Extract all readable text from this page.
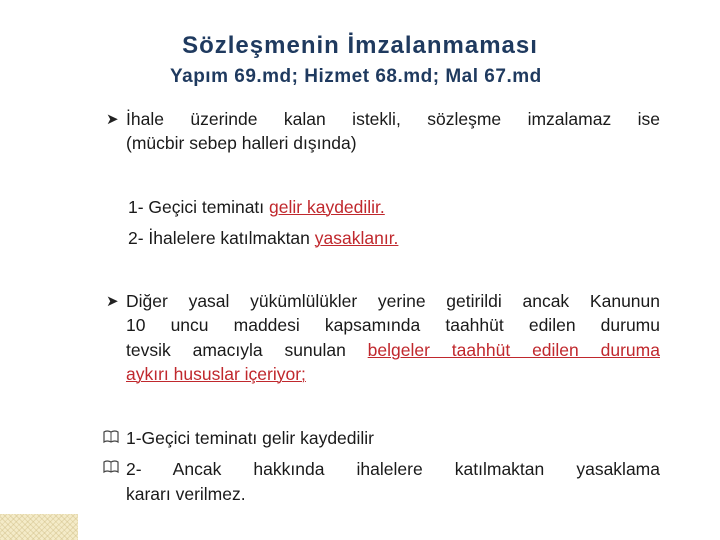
Sözleşmenin İmzalanmaması
Yapım 69.md; Hizmet 68.md; Mal 67.md
➤ İhale üzerinde kalan istekli, sözleşme imzalamaz ise
(mücbir sebep halleri dışında)
1- Geçici teminatı gelir kaydedilir.
2- İhalelere katılmaktan yasaklanır.
➤ Diğer yasal yükümlülükler yerine getirildi ancak Kanunun
10 uncu maddesi kapsamında taahhüt edilen durumu
tevsik amacıyla sunulan belgeler taahhüt edilen duruma
aykırı hususlar içeriyor;
1-Geçici teminatı gelir kaydedilir
2- Ancak hakkında ihalelere katılmaktan yasaklama
kararı verilmez.
